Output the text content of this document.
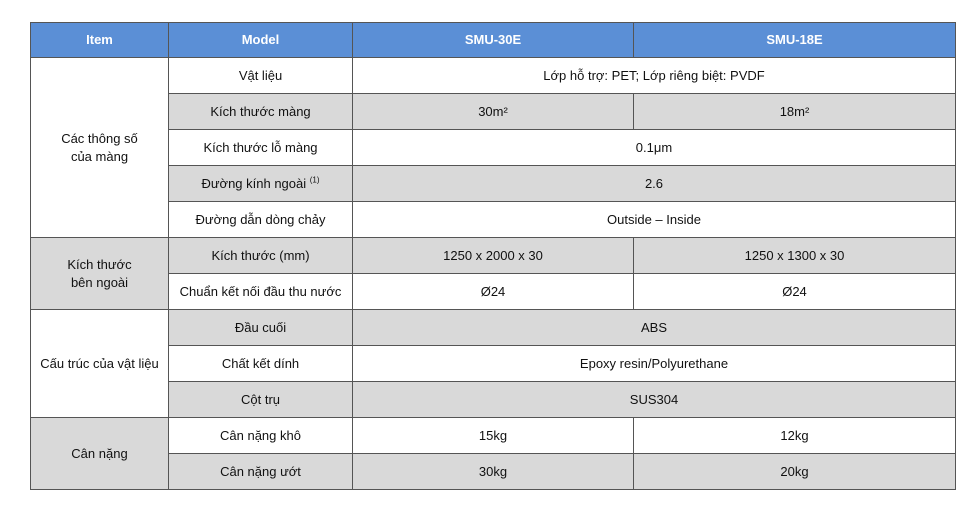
Item	Model	SMU-30E	SMU-18E

Các thông số của màng	Vật liệu	Lớp hỗ trợ: PET; Lớp riêng biệt: PVDF	
	Kích thước màng	30m²	18m²
	Kích thước lỗ màng	0.1μm	
	Đường kính ngoài $^{(1)}$	2.6	
	Đường dẫn dòng chảy	Outside – Inside	

Kích thước bên ngoài	Kích thước (mm)	1250 x 2000 x 30	1250 x 1300 x 30
	Chuẩn kết nối đầu thu nước	Ø24	Ø24
Cấu trúc của vật liệu	Đầu cuối	ABS	
	Chất kết dính	Epoxy resin/Polyurethane	
	Cột trụ	SUS304	
Cân nặng	Cân nặng khô	15kg	12kg
	Cân nặng ướt	30kg	20kg
